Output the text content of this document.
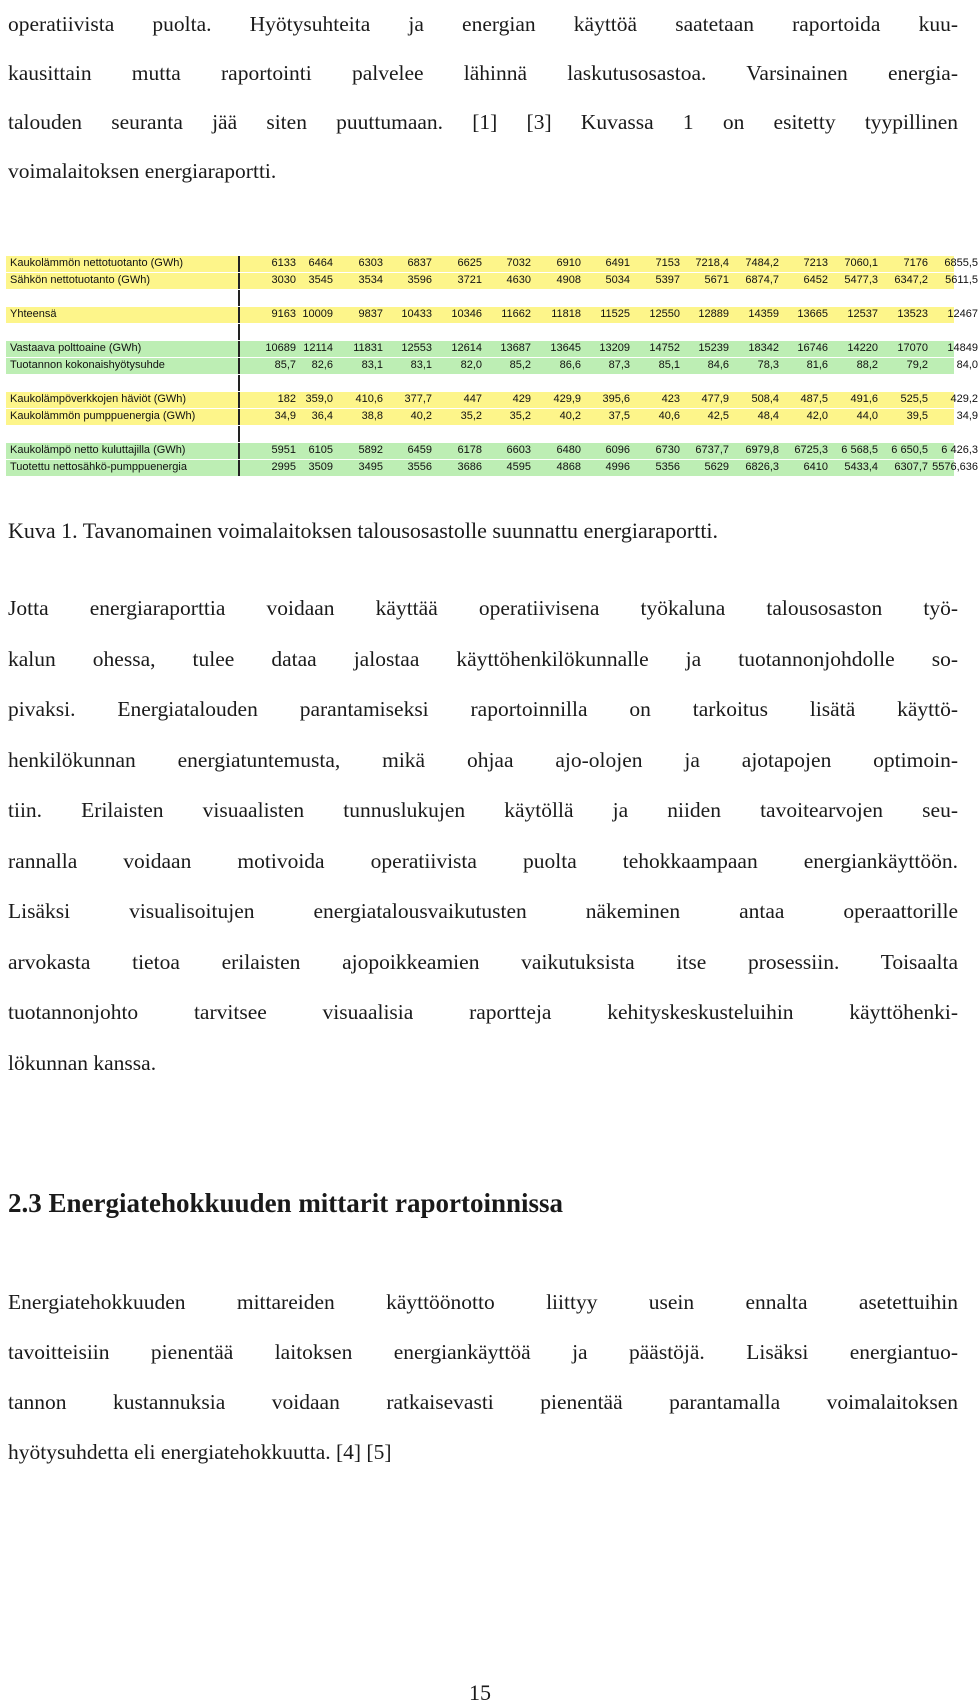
operatiivista puolta. Hyötysuhteita ja energian käyttöä saatetaan raportoida kuu-
kausittain mutta raportointi palvelee lähinnä laskutusosastoa. Varsinainen energia-
talouden seuranta jää siten puuttumaan. [1] [3] Kuvassa 1 on esitetty tyypillinen
voimalaitoksen energiaraportti.
Kaukolämmön nettotuotanto (GWh)	6133	6464	6303	6837	6625	7032	6910	6491	7153	7218,4	7484,2	7213	7060,1	7176	6855,5
Sähkön nettotuotanto (GWh)	3030	3545	3534	3596	3721	4630	4908	5034	5397	5671	6874,7	6452	5477,3	6347,2	5611,5
Yhteensä	9163 10009	9837	10433	10346	11662	11818	11525	12550	12889	14359	13665	12537	13523	12467
Vastaava polttoaine (GWh)	10689 12114	11831	12553	12614	13687	13645	13209	14752	15239	18342	16746	14220	17070	14849
Tuotannon kokonaishyötysuhde	85,7	82,6	83,1	83,1	82,0	85,2	86,6	87,3	85,1	84,6	78,3	81,6	88,2	79,2	84,0
Kaukolämpöverkkojen häviöt (GWh)	182 359,0	410,6	377,7	447	429	429,9	395,6	423	477,9	508,4	487,5	491,6	525,5	429,2
Kaukolämmön pumppuenergia (GWh)	34,9	36,4	38,8	40,2	35,2	35,2	40,2	37,5	40,6	42,5	48,4	42,0	44,0	39,5	34,9
Kaukolämpö netto kuluttajilla (GWh)	5951	6105	5892	6459	6178	6603	6480	6096	6730	6737,7	6979,8	6725,3	6 568,5	6 650,5	6 426,3
Tuotettu nettosähkö-pumppuenergia	2995	3509	3495	3556	3686	4595	4868	4996	5356	5629	6826,3	6410	5433,4	6307,7 5576,636

Kuva 1. Tavanomainen voimalaitoksen talousosastolle suunnattu energiaraportti.

Jotta energiaraporttia voidaan käyttää operatiivisena työkaluna talousosaston työ-
kalun ohessa, tulee dataa jalostaa käyttöhenkilökunnalle ja tuotannonjohdolle so-
pivaksi. Energiatalouden parantamiseksi raportoinnilla on tarkoitus lisätä käyttö-
henkilökunnan energiatuntemusta, mikä ohjaa ajo-olojen ja ajotapojen optimoin-
tiin. Erilaisten visuaalisten tunnuslukujen käytöllä ja niiden tavoitearvojen seu-
rannalla voidaan motivoida operatiivista puolta tehokkaampaan energiankäyttöön.
Lisäksi visualisoitujen energiatalousvaikutusten näkeminen antaa operaattorille
arvokasta tietoa erilaisten ajopoikkeamien vaikutuksista itse prosessiin. Toisaalta
tuotannonjohto tarvitsee visuaalisia raportteja kehityskeskusteluihin käyttöhenki-
lökunnan kanssa.
2.3 Energiatehokkuuden mittarit raportoinnissa
Energiatehokkuuden mittareiden käyttöönotto liittyy usein ennalta asetettuihin
tavoitteisiin pienentää laitoksen energiankäyttöä ja päästöjä. Lisäksi energiantuo-
tannon kustannuksia voidaan ratkaisevasti pienentää parantamalla voimalaitoksen
hyötysuhdetta eli energiatehokkuutta. [4] [5]
15
